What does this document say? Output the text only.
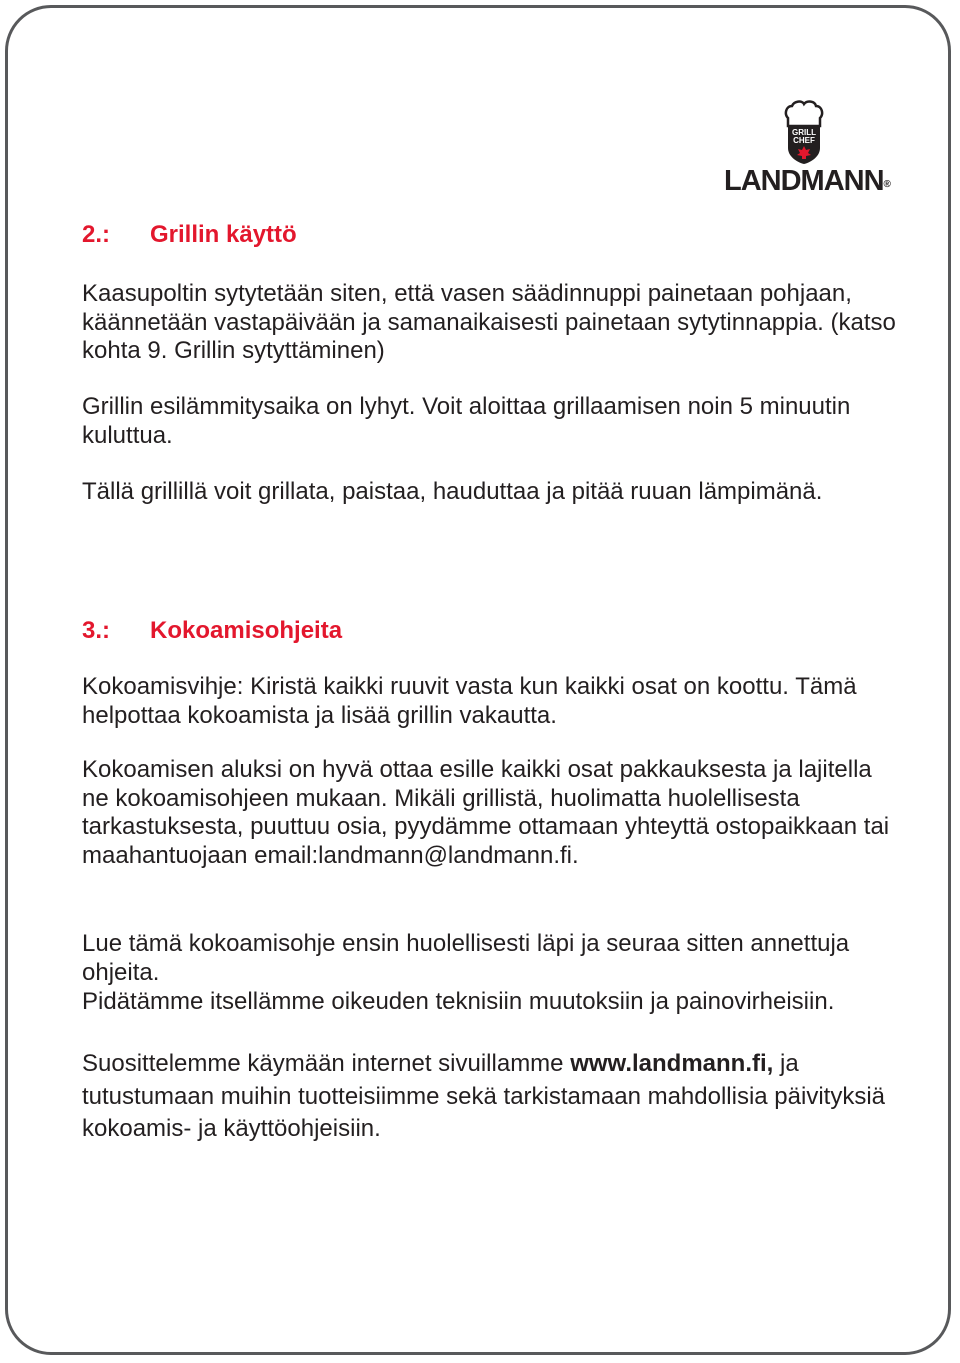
GRILL
CHEF
LANDMANN®
2.: Grillin käyttö
Kaasupoltin sytytetään siten, että vasen säädinnuppi painetaan pohjaan, käännetään vastapäivään ja samanaikaisesti painetaan sytytinnappia. (katso kohta 9. Grillin sytyttäminen)
Grillin esilämmitysaika on lyhyt. Voit aloittaa grillaamisen noin 5 minuutin kuluttua.
Tällä grillillä voit grillata, paistaa, hauduttaa ja pitää ruuan lämpimänä.
3.: Kokoamisohjeita
Kokoamisvihje: Kiristä kaikki ruuvit vasta kun kaikki osat on koottu. Tämä helpottaa kokoamista ja lisää grillin vakautta.
Kokoamisen aluksi on hyvä ottaa esille kaikki osat pakkauksesta ja lajitella ne kokoamisohjeen mukaan. Mikäli grillistä, huolimatta huolellisesta tarkastuksesta, puuttuu osia, pyydämme ottamaan yhteyttä ostopaikkaan tai maahantuojaan email:landmann@landmann.fi.
Lue tämä kokoamisohje ensin huolellisesti läpi ja seuraa sitten annettuja ohjeita.
Pidätämme itsellämme oikeuden teknisiin muutoksiin ja painovirheisiin.
Suosittelemme käymään internet sivuillamme www.landmann.fi, ja tutustumaan muihin tuotteisiimme sekä tarkistamaan mahdollisia päivityksiä kokoamis- ja käyttöohjeisiin.
